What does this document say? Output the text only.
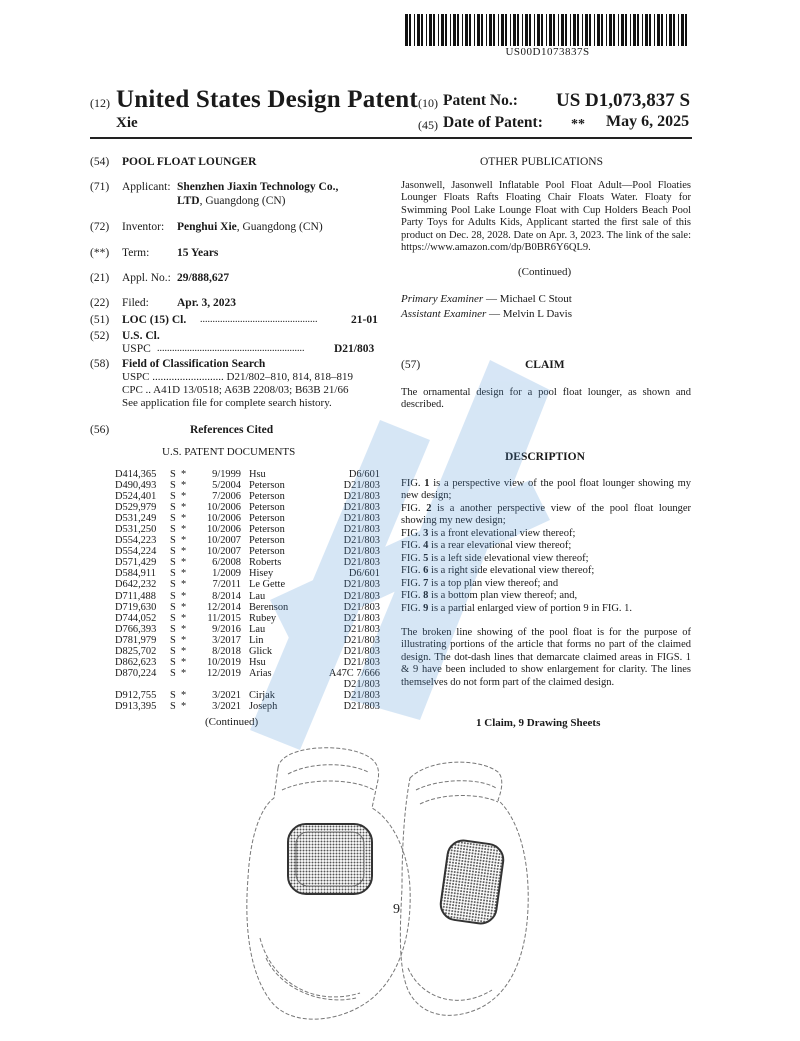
US00D1073837S
(12) United States Design Patent
Xie
(10) Patent No.: US D1,073,837 S
(45) Date of Patent: ** May 6, 2025
(54) POOL FLOAT LOUNGER
(71) Applicant: Shenzhen Jiaxin Technology Co.,
LTD, Guangdong (CN)
(72) Inventor: Penghui Xie, Guangdong (CN)
(**) Term: 15 Years
(21) Appl. No.: 29/888,627
(22) Filed: Apr. 3, 2023
(51) LOC (15) Cl. ...............................................	21-01
(52) U.S. Cl.
USPC ...........................................................	D21/803
(58) Field of Classification Search
USPC .......................... D21/802–810, 814, 818–819
CPC .. A41D 13/0518; A63B 2208/03; B63B 21/66
See application file for complete search history.
(56)	References Cited
U.S. PATENT DOCUMENTS
D414,365 S *	9/1999 Hsu	D6/601
D490,493 S *	5/2004 Peterson	D21/803
D524,401 S *	7/2006 Peterson	D21/803
D529,979 S *	10/2006 Peterson	D21/803
D531,249 S *	10/2006 Peterson	D21/803
D531,250 S *	10/2006 Peterson	D21/803
D554,223 S *	10/2007 Peterson	D21/803
D554,224 S *	10/2007 Peterson	D21/803
D571,429 S *	6/2008 Roberts	D21/803
D584,911 S *	1/2009 Hisey	D6/601
D642,232 S *	7/2011 Le Gette	D21/803
D711,488 S *	8/2014 Lau	D21/803
D719,630 S *	12/2014 Berenson	D21/803
D744,052 S *	11/2015 Rubey	D21/803
D766,393 S *	9/2016 Lau	D21/803
D781,979 S *	3/2017 Lin	D21/803
D825,702 S *	8/2018 Glick	D21/803
D862,623 S *	10/2019 Hsu	D21/803
D870,224 S *	12/2019 Arias	A47C 7/666
D21/803
D912,755 S *	3/2021 Cirjak	D21/803
D913,395 S *	3/2021 Joseph	D21/803
(Continued)
OTHER PUBLICATIONS
Jasonwell, Jasonwell Inflatable Pool Float Adult—Pool Floaties Lounger Floats Rafts Floating Chair Floats Water. Floaty for Swimming Pool Lake Lounge Float with Cup Holders Beach Pool Party Toys for Adults Kids, Applicant started the first sale of this product on Dec. 28, 2028. Date on Apr. 3, 2023. The link of the sale: https://www.amazon.com/dp/B0BR6Y6QL9.
(Continued)
Primary Examiner — Michael C Stout
Assistant Examiner — Melvin L Davis
(57)	CLAIM
The ornamental design for a pool float lounger, as shown and described.
DESCRIPTION
FIG. 1 is a perspective view of the pool float lounger showing my new design;
FIG. 2 is a another perspective view of the pool float lounger showing my new design;
FIG. 3 is a front elevational view thereof;
FIG. 4 is a rear elevational view thereof;
FIG. 5 is a left side elevational view thereof;
FIG. 6 is a right side elevational view thereof;
FIG. 7 is a top plan view thereof; and
FIG. 8 is a bottom plan view thereof; and,
FIG. 9 is a partial enlarged view of portion 9 in FIG. 1.
The broken line showing of the pool float is for the purpose of illustrating portions of the article that forms no part of the claimed design. The dot-dash lines that demarcate claimed areas in FIGS. 1 & 9 have been included to show enlargement for clarity. The lines themselves do not form part of the claimed design.
1 Claim, 9 Drawing Sheets
9
